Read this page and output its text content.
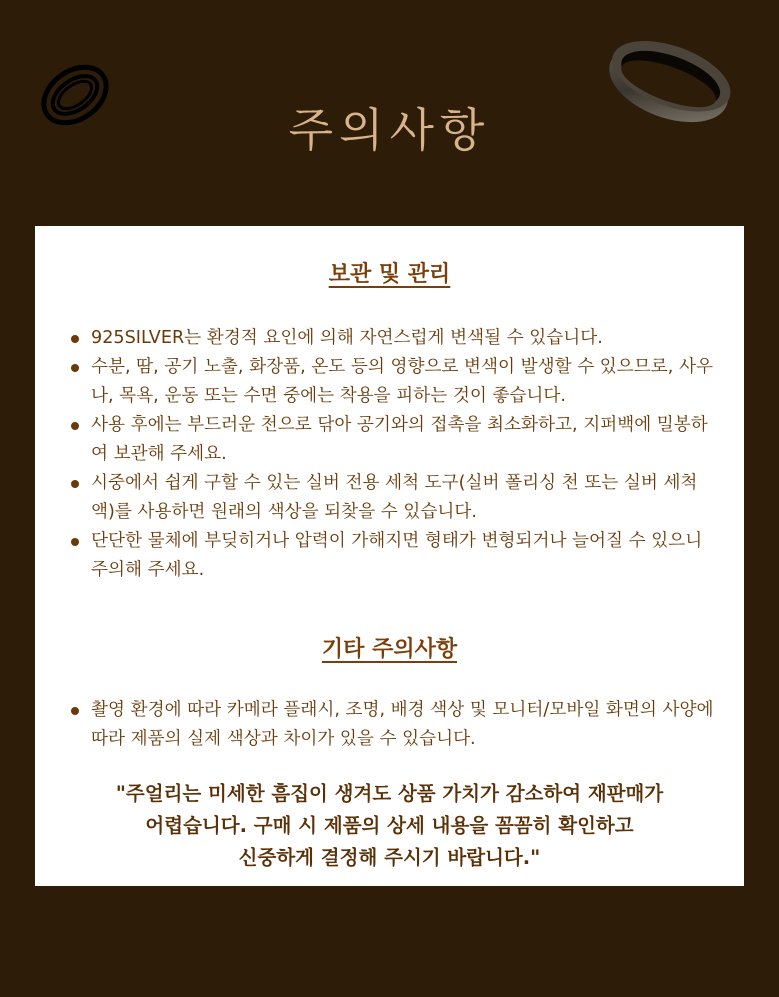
주의사항
보관 및 관리
925SILVER는 환경적 요인에 의해 자연스럽게 변색될 수 있습니다.
수분, 땀, 공기 노출, 화장품, 온도 등의 영향으로 변색이 발생할 수 있으므로, 사우나, 목욕, 운동 또는 수면 중에는 착용을 피하는 것이 좋습니다.
사용 후에는 부드러운 천으로 닦아 공기와의 접촉을 최소화하고, 지퍼백에 밀봉하여 보관해 주세요.
시중에서 쉽게 구할 수 있는 실버 전용 세척 도구(실버 폴리싱 천 또는 실버 세척액)를 사용하면 원래의 색상을 되찾을 수 있습니다.
단단한 물체에 부딪히거나 압력이 가해지면 형태가 변형되거나 늘어질 수 있으니 주의해 주세요.
기타 주의사항
촬영 환경에 따라 카메라 플래시, 조명, 배경 색상 및 모니터/모바일 화면의 사양에 따라 제품의 실제 색상과 차이가 있을 수 있습니다.

"주얼리는 미세한 흠집이 생겨도 상품 가치가 감소하여 재판매가
어렵습니다. 구매 시 제품의 상세 내용을 꼼꼼히 확인하고
신중하게 결정해 주시기 바랍니다."
